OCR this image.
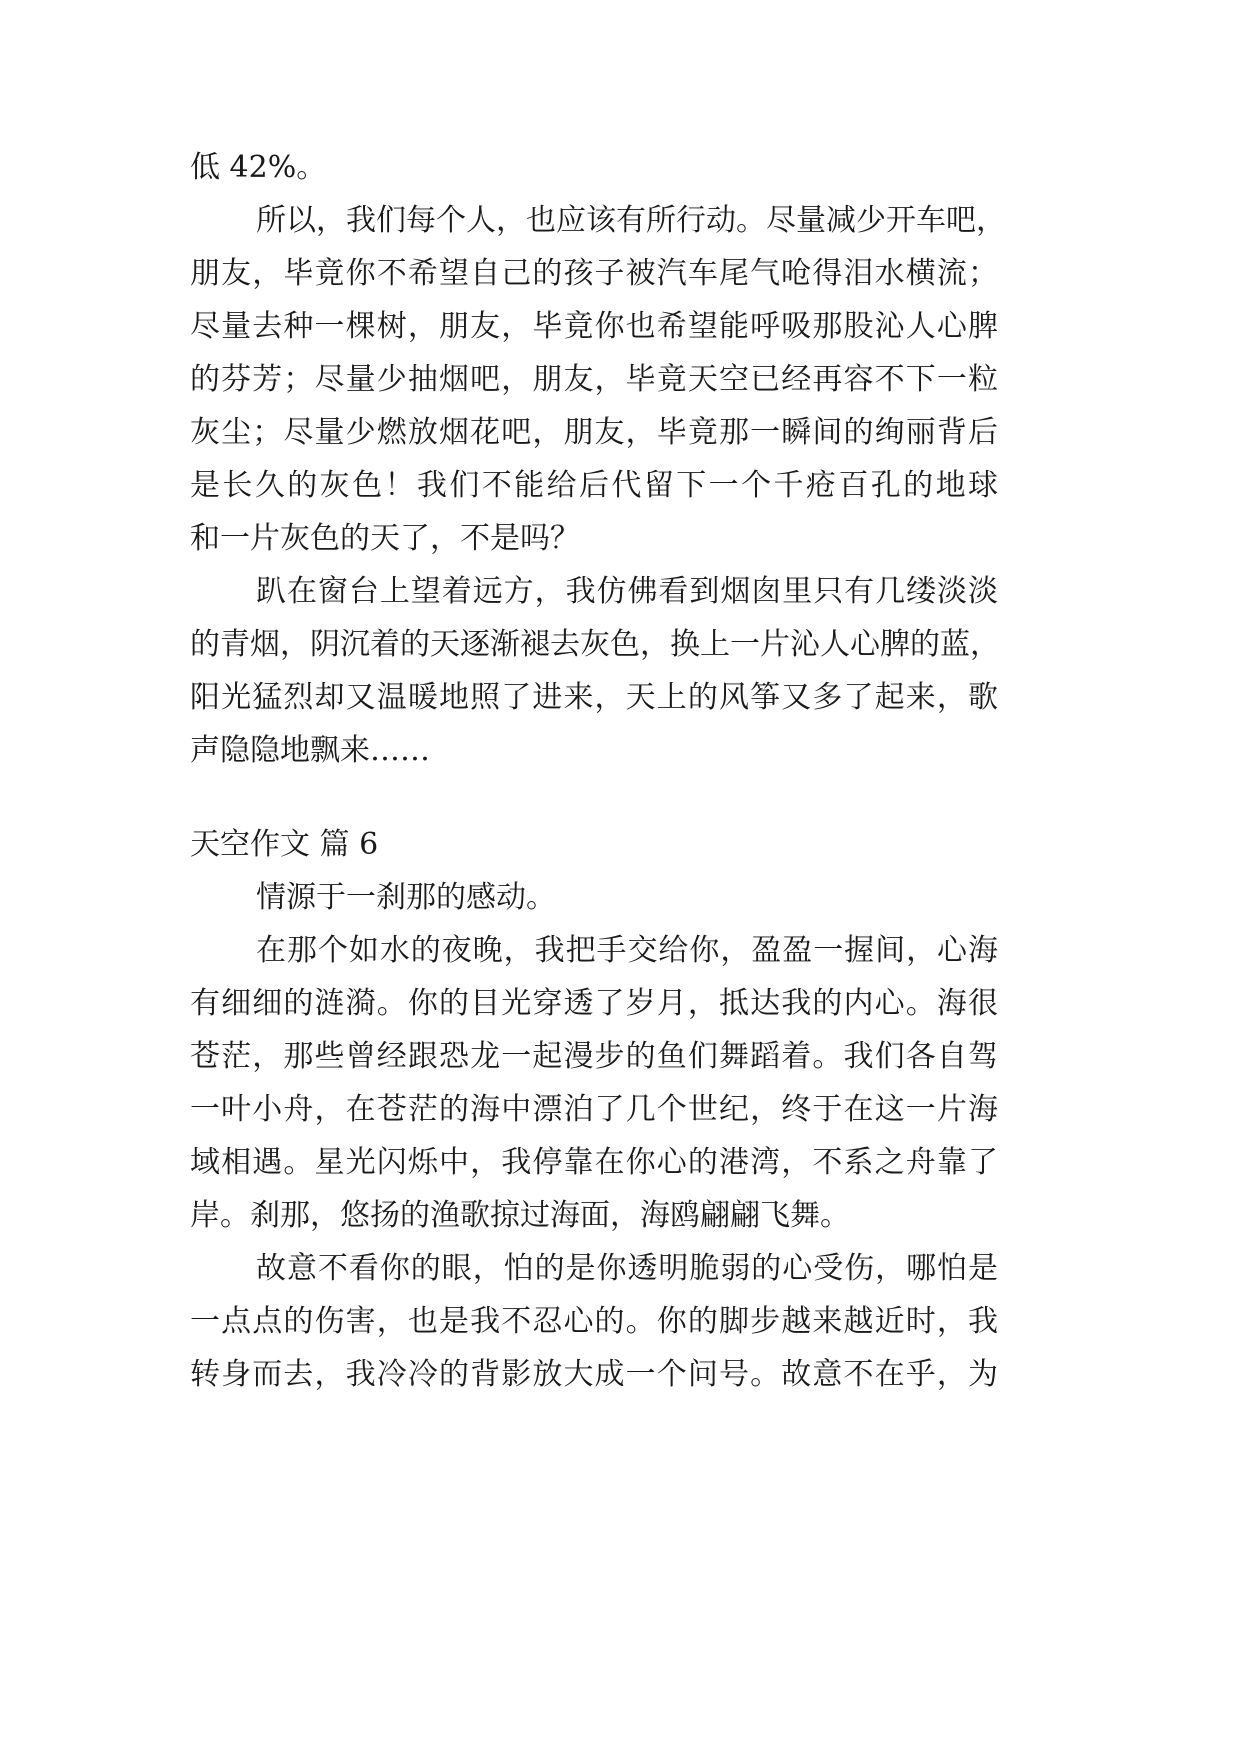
低 42%。
所以，我们每个人，也应该有所行动。尽量减少开车吧，
朋友，毕竟你不希望自己的孩子被汽车尾气呛得泪水横流；
尽量去种一棵树，朋友，毕竟你也希望能呼吸那股沁人心脾
的芬芳；尽量少抽烟吧，朋友，毕竟天空已经再容不下一粒
灰尘；尽量少燃放烟花吧，朋友，毕竟那一瞬间的绚丽背后
是长久的灰色！我们不能给后代留下一个千疮百孔的地球
和一片灰色的天了，不是吗？
趴在窗台上望着远方，我仿佛看到烟囱里只有几缕淡淡
的青烟，阴沉着的天逐渐褪去灰色，换上一片沁人心脾的蓝，
阳光猛烈却又温暖地照了进来，天上的风筝又多了起来，歌
声隐隐地飘来……
天空作文 篇 6
情源于一刹那的感动。
在那个如水的夜晚，我把手交给你，盈盈一握间，心海
有细细的涟漪。你的目光穿透了岁月，抵达我的内心。海很
苍茫，那些曾经跟恐龙一起漫步的鱼们舞蹈着。我们各自驾
一叶小舟，在苍茫的海中漂泊了几个世纪，终于在这一片海
域相遇。星光闪烁中，我停靠在你心的港湾，不系之舟靠了
岸。刹那，悠扬的渔歌掠过海面，海鸥翩翩飞舞。
故意不看你的眼，怕的是你透明脆弱的心受伤，哪怕是
一点点的伤害，也是我不忍心的。你的脚步越来越近时，我
转身而去，我冷冷的背影放大成一个问号。故意不在乎，为
